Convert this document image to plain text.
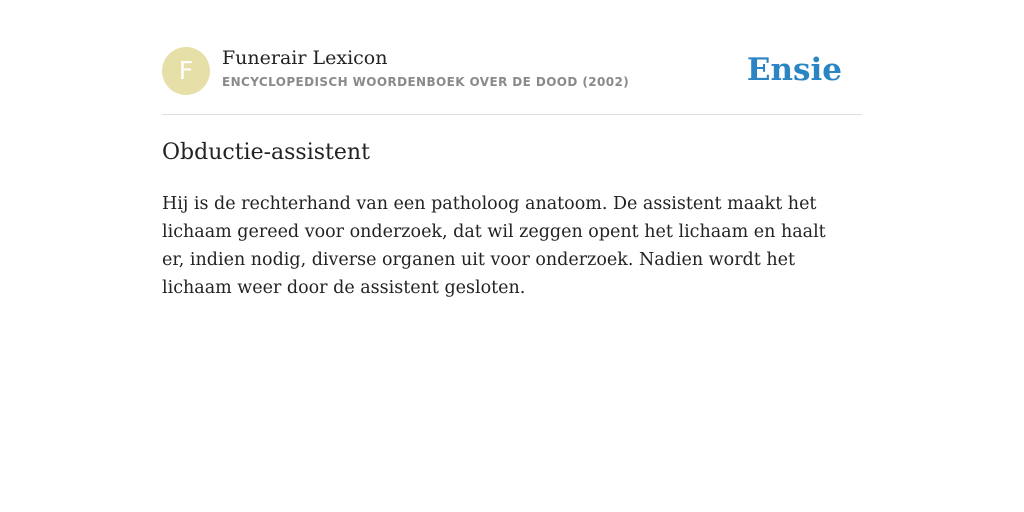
F	Funerair Lexicon
ENCYCLOPEDISCH WOORDENBOEK OVER DE DOOD (2002)	Ensie
Obductie-assistent

Hij is de rechterhand van een patholoog anatoom. De assistent maakt het lichaam gereed voor onderzoek, dat wil zeggen opent het lichaam en haalt er, indien nodig, diverse organen uit voor onderzoek. Nadien wordt het lichaam weer door de assistent gesloten.
